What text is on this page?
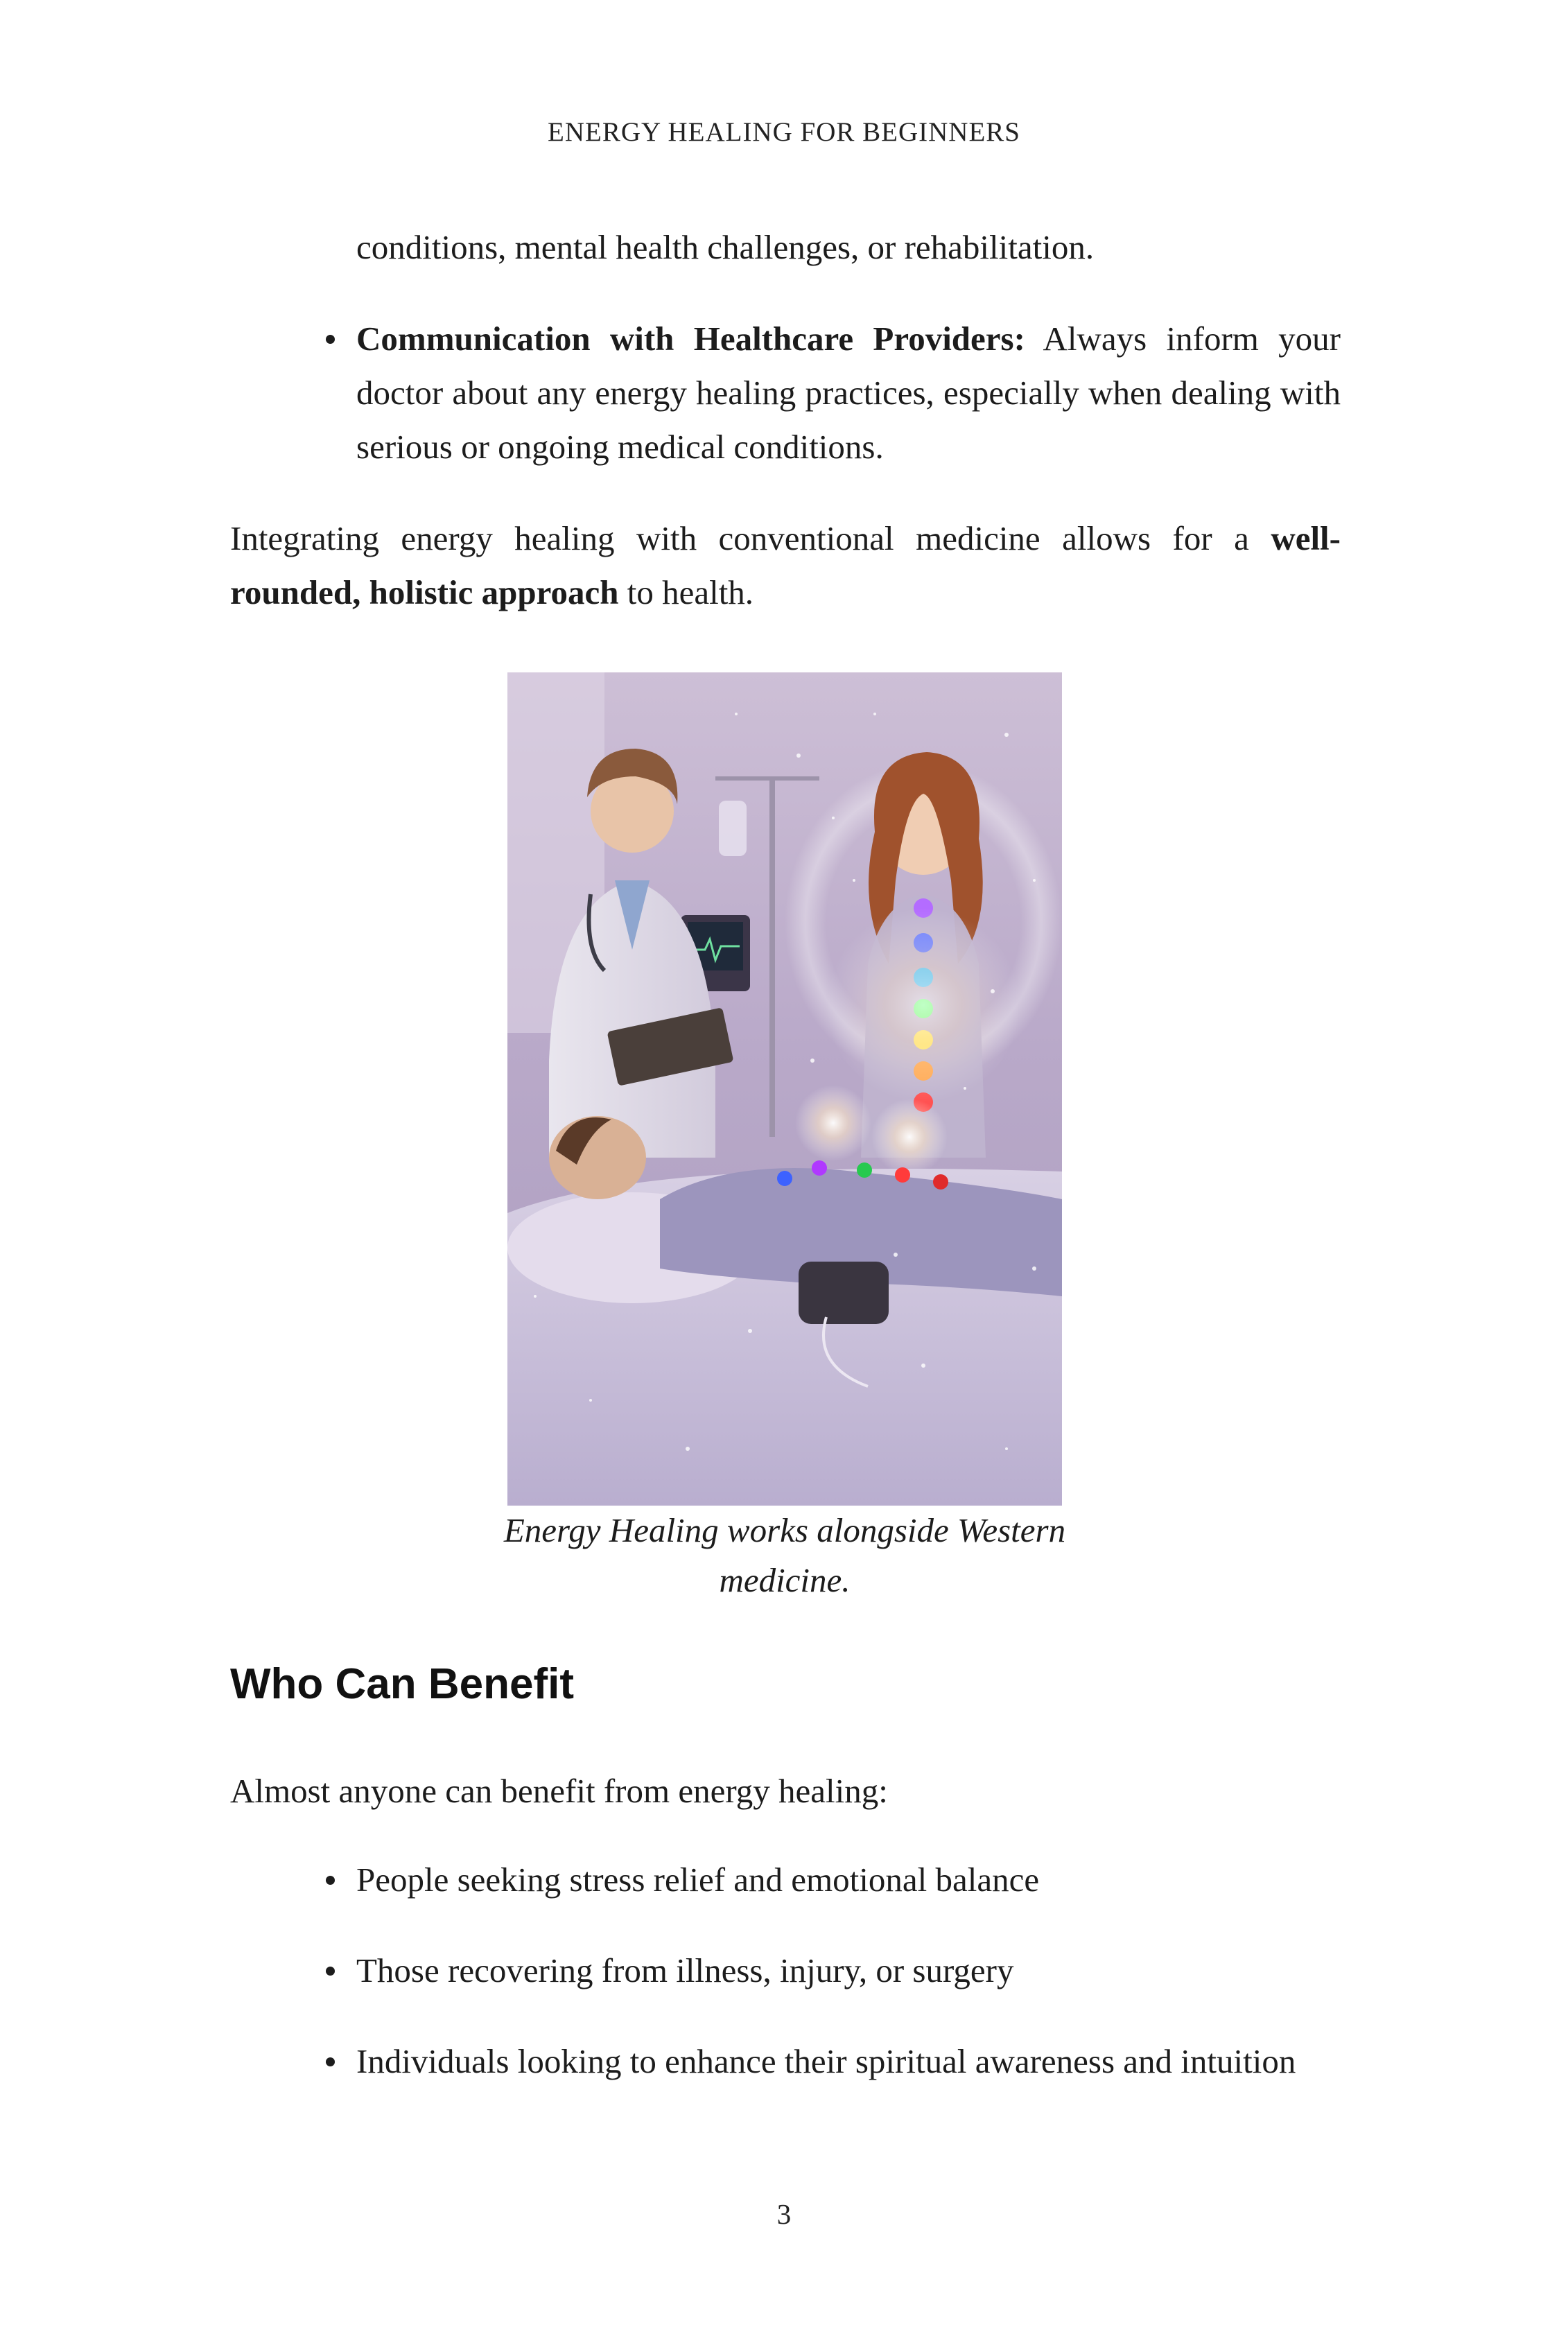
ENERGY HEALING FOR BEGINNERS
conditions, mental health challenges, or rehabilitation.
Communication with Healthcare Providers: Always inform your doctor about any energy healing practices, especially when dealing with serious or ongoing medical conditions.
Integrating energy healing with conventional medicine allows for a well-rounded, holistic approach to health.
Energy Healing works alongside Western medicine.
Who Can Benefit
Almost anyone can benefit from energy healing:
People seeking stress relief and emotional balance
Those recovering from illness, injury, or surgery
Individuals looking to enhance their spiritual awareness and intuition
3
